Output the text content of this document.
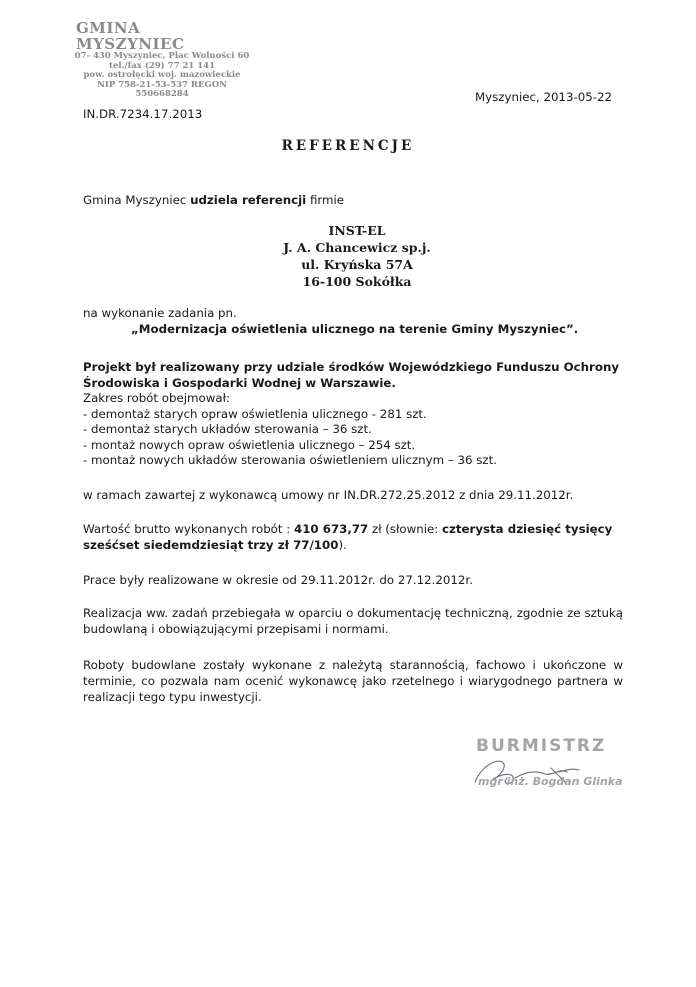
GMINA MYSZYNIEC
07- 430 Myszyniec, Plac Wolności 60
tel./fax (29) 77 21 141
pow. ostrołęcki woj. mazowieckie
NIP 758-21-53-537 REGON 550668284	Myszyniec, 2013-05-22
IN.DR.7234.17.2013
REFERENCJE
Gmina Myszyniec udziela referencji firmie
INST-EL
J. A. Chancewicz sp.j.
ul. Kryńska 57A
16-100 Sokółka
na wykonanie zadania pn.
„Modernizacja oświetlenia ulicznego na terenie Gminy Myszyniec”.
Projekt był realizowany przy udziale środków Wojewódzkiego Funduszu Ochrony Środowiska i Gospodarki Wodnej w Warszawie.
Zakres robót obejmował:
- demontaż starych opraw oświetlenia ulicznego - 281 szt.
- demontaż starych układów sterowania – 36 szt.
- montaż nowych opraw oświetlenia ulicznego – 254 szt.
- montaż nowych układów sterowania oświetleniem ulicznym – 36 szt.
w ramach zawartej z wykonawcą umowy nr IN.DR.272.25.2012 z dnia 29.11.2012r.
Wartość brutto wykonanych robót : 410 673,77 zł (słownie: czterysta dziesięć tysięcy sześćset siedemdziesiąt trzy zł 77/100).
Prace były realizowane w okresie od 29.11.2012r. do 27.12.2012r.
Realizacja ww. zadań przebiegała w oparciu o dokumentację techniczną, zgodnie ze sztuką budowlaną i obowiązującymi przepisami i normami.
Roboty budowlane zostały wykonane z należytą starannością, fachowo i ukończone w terminie, co pozwala nam ocenić wykonawcę jako rzetelnego i wiarygodnego partnera w realizacji tego typu inwestycji.
BURMISTRZ
mgr inż. Bogdan Glinka
